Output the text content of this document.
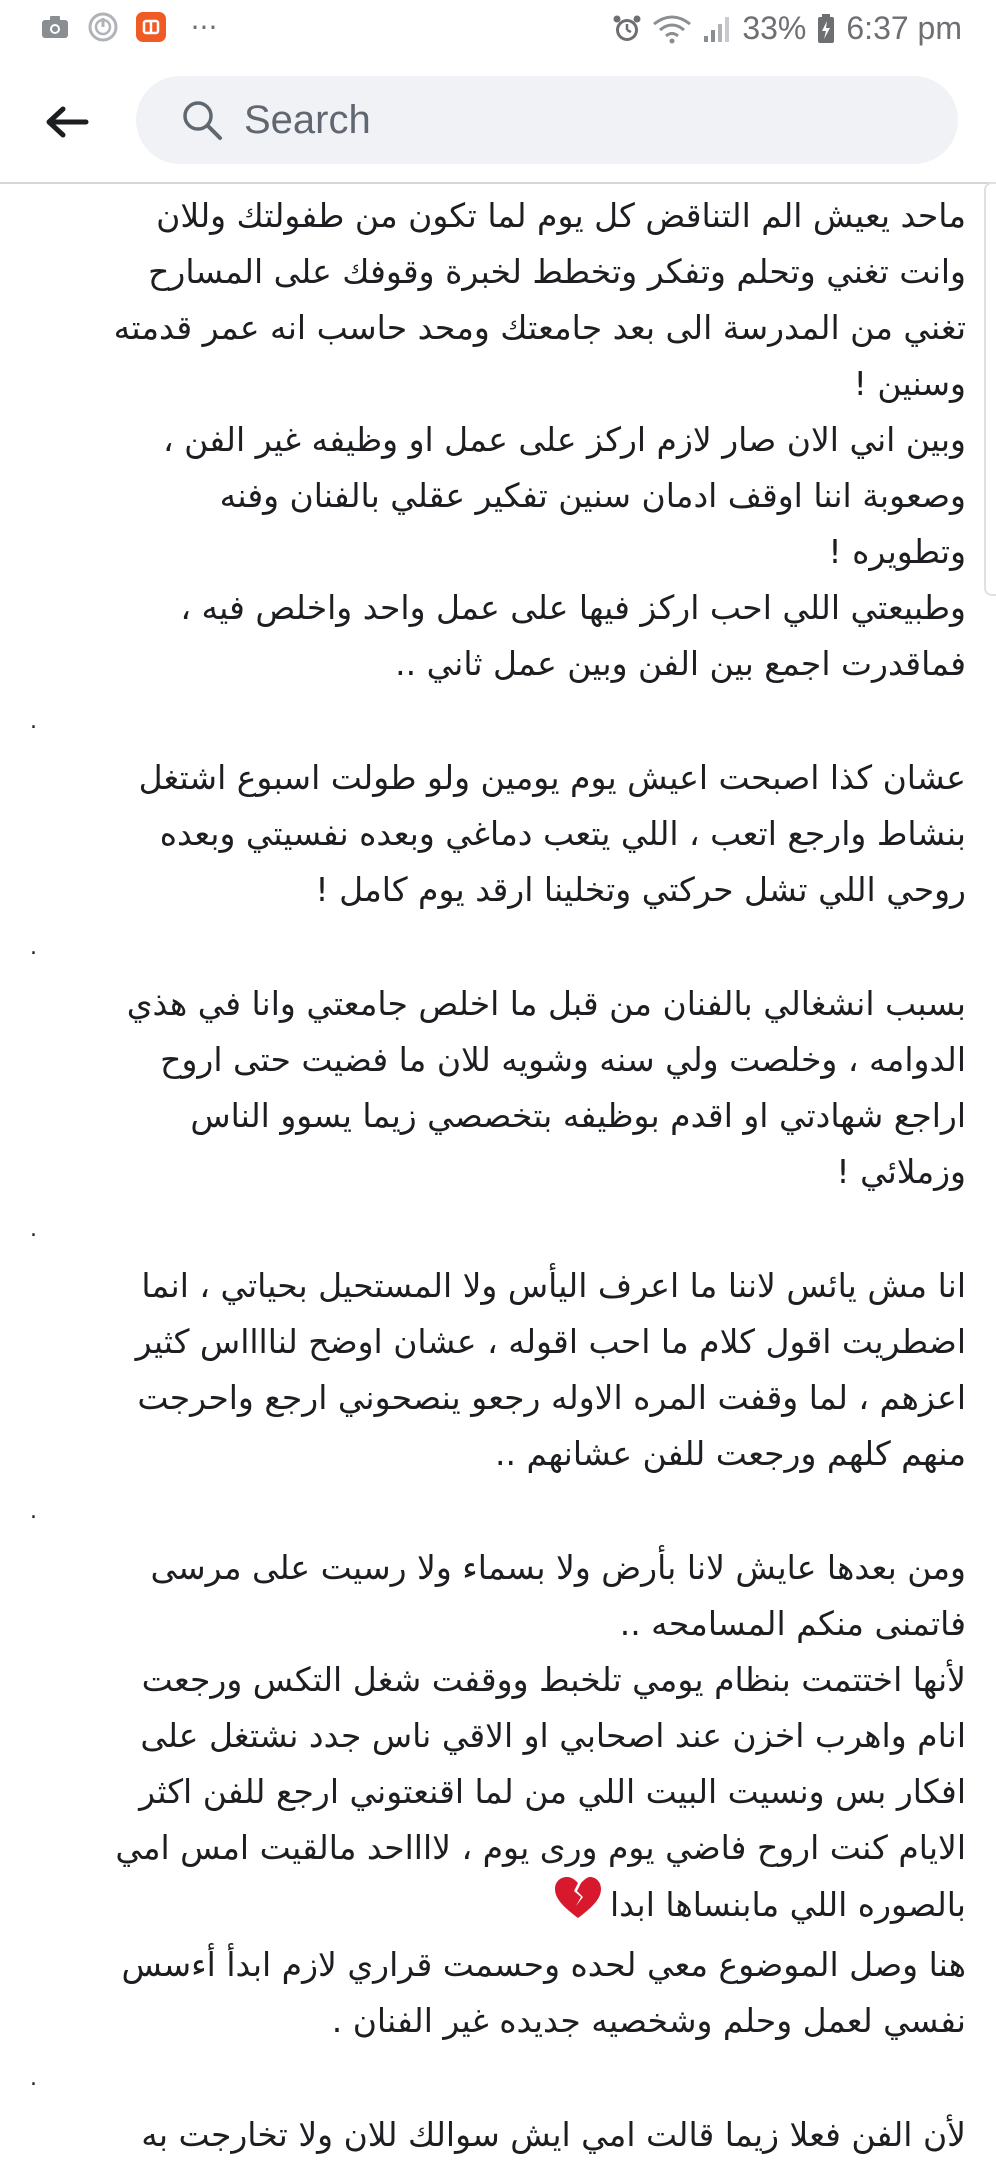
···	33% 6:37 pm
Search

ماحد يعيش الم التناقض كل يوم لما تكون من طفولتك وللان
وانت تغني وتحلم وتفكر وتخطط لخبرة وقوفك على المسارح
تغني من المدرسة الى بعد جامعتك ومحد حاسب انه عمر قدمته
وسنين !
وبين اني الان صار لازم اركز على عمل او وظيفه غير الفن ،
وصعوبة اننا اوقف ادمان سنين تفكير عقلي بالفنان وفنه
وتطويره !
وطبيعتي اللي احب اركز فيها على عمل واحد واخلص فيه ،
فماقدرت اجمع بين الفن وبين عمل ثاني ..

.

عشان كذا اصبحت اعيش يوم يومين ولو طولت اسبوع اشتغل
بنشاط وارجع اتعب ، اللي يتعب دماغي وبعده نفسيتي وبعده
روحي اللي تشل حركتي وتخلينا ارقد يوم كامل !

.

بسبب انشغالي بالفنان من قبل ما اخلص جامعتي وانا في هذي
الدوامه ، وخلصت ولي سنه وشويه للان ما فضيت حتى اروح
اراجع شهادتي او اقدم بوظيفه بتخصصي زيما يسوو الناس
وزملائي !

.

انا مش يائس لاننا ما اعرف اليأس ولا المستحيل بحياتي ، انما
اضطريت اقول كلام ما احب اقوله ، عشان اوضح لنااااس كثير
اعزهم ، لما وقفت المره الاوله رجعو ينصحوني ارجع واحرجت
منهم كلهم ورجعت للفن عشانهم ..

.

ومن بعدها عايش لانا بأرض ولا بسماء ولا رسيت على مرسى
فاتمنى منكم المسامحه ..
لأنها اختتمت بنظام يومي تلخبط ووقفت شغل التكس ورجعت
انام واهرب اخزن عند اصحابي او الاقي ناس جدد نشتغل على
افكار بس ونسيت البيت اللي من لما اقنعتوني ارجع للفن اكثر
الايام كنت اروح فاضي يوم ورى يوم ، لااااحد مالقيت امس امي
بالصوره اللي مابنساها ابدا
هنا وصل الموضوع معي لحده وحسمت قراري لازم ابدأ أءسس
نفسي لعمل وحلم وشخصيه جديده غير الفنان .

.

لأن الفن فعلا زيما قالت امي ايش سوالك للان ولا تخارجت به
